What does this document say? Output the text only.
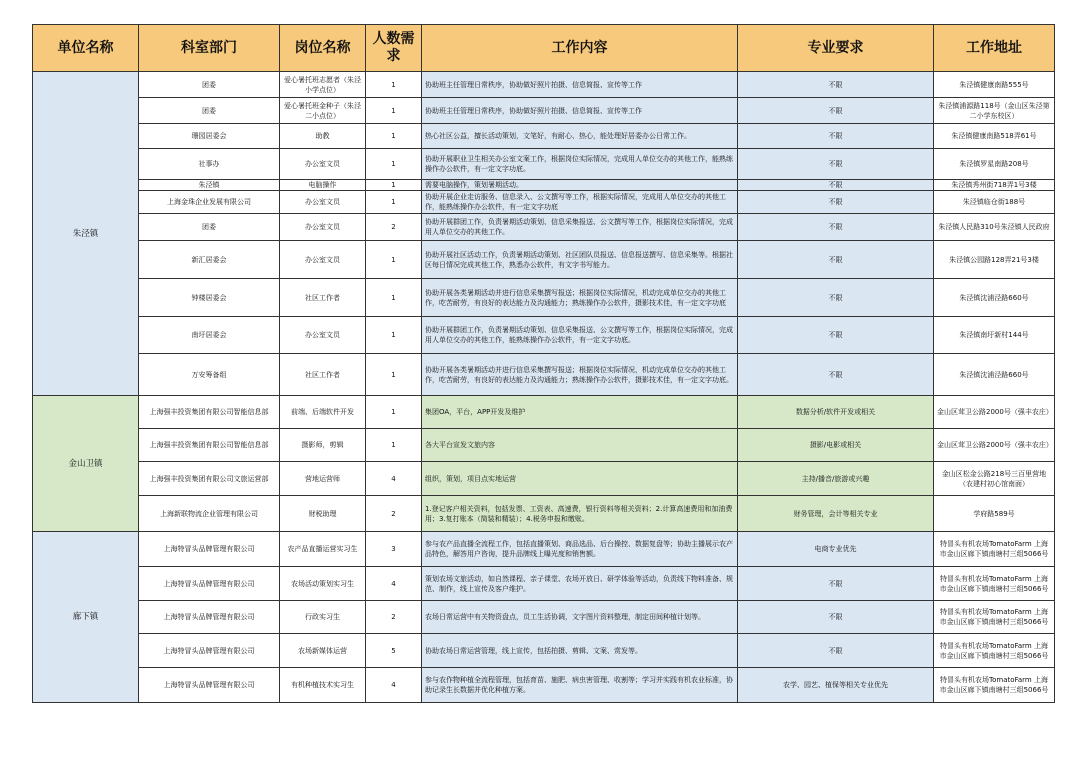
单位名称	科室部门	岗位名称	人数需求	工作内容	专业要求	工作地址
朱泾镇	团委	爱心暑托班志愿者（朱泾小学点位）	1	协助班主任管理日常秩序，协助做好照片拍摄、信息简报、宣传等工作	不限	朱泾镇健康南路555号
	团委	爱心暑托班金种子（朱泾二小点位）	1	协助班主任管理日常秩序，协助做好照片拍摄、信息简报、宣传等工作	不限	朱泾镇浦源路118号（金山区朱泾第二小学东校区）
	珊园居委会	助教	1	热心社区公益，擅长活动策划，文笔好，有耐心、热心，能处理好居委办公日常工作。	不限	朱泾镇健康南路518弄61号
	社事办	办公室文员	1	协助开展职业卫生相关办公室文案工作，根据岗位实际情况，完成用人单位交办的其他工作，能熟练操作办公软件，有一定文字功底。	不限	朱泾镇罗星南路208号
	朱泾镇	电脑操作	1	需要电脑操作，策划暑期活动。	不限	朱泾镇秀州街718弄1号3楼
	上海金珠企业发展有限公司	办公室文员	1	协助开展企业走访服务、信息录入、公文撰写等工作，根据实际情况，完成用人单位交办的其他工作，能熟练操作办公软件，有一定文字功底	不限	朱泾镇临仓街188号
	团委	办公室文员	2	协助开展群团工作，负责暑期活动策划、信息采集报送、公文撰写等工作，根据岗位实际情况，完成用人单位交办的其他工作。	不限	朱泾镇人民路310号朱泾镇人民政府
	新汇居委会	办公室文员	1	协助开展社区活动工作，负责暑期活动策划、社区团队员报送、信息报送撰写、信息采集等。根据社区每日情况完成其他工作，熟悉办公软件，有文字书写能力。	不限	朱泾镇公园路128弄21号3楼
	钟楼居委会	社区工作者	1	协助开展各类暑期活动并进行信息采集撰写报送；根据岗位实际情况，机动完成单位交办的其他工作，吃苦耐劳，有良好的表达能力及沟通能力；熟练操作办公软件，摄影技术佳，有一定文字功底	不限	朱泾镇沈浦泾路660号
	南圩居委会	办公室文员	1	协助开展群团工作，负责暑期活动策划、信息采集报送、公文撰写等工作，根据岗位实际情况，完成用人单位交办的其他工作，能熟练操作办公软件，有一定文字功底。	不限	朱泾镇南圩新村144号
	万安筹备组	社区工作者	1	协助开展各类暑期活动并进行信息采集撰写报送；根据岗位实际情况，机动完成单位交办的其他工作，吃苦耐劳，有良好的表达能力及沟通能力；熟练操作办公软件，摄影技术佳，有一定文字功底。	不限	朱泾镇沈浦泾路660号
金山卫镇	上海强丰投资集团有限公司智能信息部	前端、后端软件开发	1	集团OA，平台，APP开发及维护	数据分析/软件开发或相关	金山区茸卫公路2000号（强丰农庄）
	上海强丰投资集团有限公司智能信息部	摄影师，剪辑	1	各大平台宣发文旅内容	摄影/电影或相关	金山区茸卫公路2000号（强丰农庄）
	上海强丰投资集团有限公司文旅运营部	营地运营师	4	组织，策划，项目点实地运营	主持/播音/旅游或兴趣	金山区松金公路218号三百里营地（农建村初心馆南面）
	上海新联物流企业管理有限公司	财税助理	2	1.登记客户相关资料，包括发票、工资表、高速费，银行资料等相关资料；2.计算高速费用和加油费用；3.复打账本（简装和精装）；4.税务申报和缴账。	财务管理，会计等相关专业	学府路589号
廊下镇	上海特冒头品牌管理有限公司	农产品直播运营实习生	3	参与农产品直播全流程工作，包括直播策划、商品选品、后台操控、数据复盘等；协助主播展示农产品特色，解答用户咨询，提升品牌线上曝光度和销售额。	电商专业优先	特冒头有机农场TomatoFarm 上海市金山区廊下镇南塘村三组5066号
	上海特冒头品牌管理有限公司	农场活动策划实习生	4	策划农场文旅活动，如自然课程、亲子课堂、农场开放日、研学体验等活动，负责线下物料准备、规范、制作，线上宣传及客户维护。	不限	特冒头有机农场TomatoFarm 上海市金山区廊下镇南塘村三组5066号
	上海特冒头品牌管理有限公司	行政实习生	2	农场日常运营中有关物资盘点，员工生活协调，文字图片资料整理，制定田间种植计划等。	不限	特冒头有机农场TomatoFarm 上海市金山区廊下镇南塘村三组5066号
	上海特冒头品牌管理有限公司	农场新媒体运营	5	协助农场日常运营管理，线上宣传，包括拍摄、剪辑、文案、赏发等。	不限	特冒头有机农场TomatoFarm 上海市金山区廊下镇南塘村三组5066号
	上海特冒头品牌管理有限公司	有机种植技术实习生	4	参与农作物种植全流程管理，包括育苗、施肥、病虫害管理、收割等；学习并实践有机农业标准，协助记录生长数据并优化种植方案。	农学、园艺、植保等相关专业优先	特冒头有机农场TomatoFarm 上海市金山区廊下镇南塘村三组5066号
